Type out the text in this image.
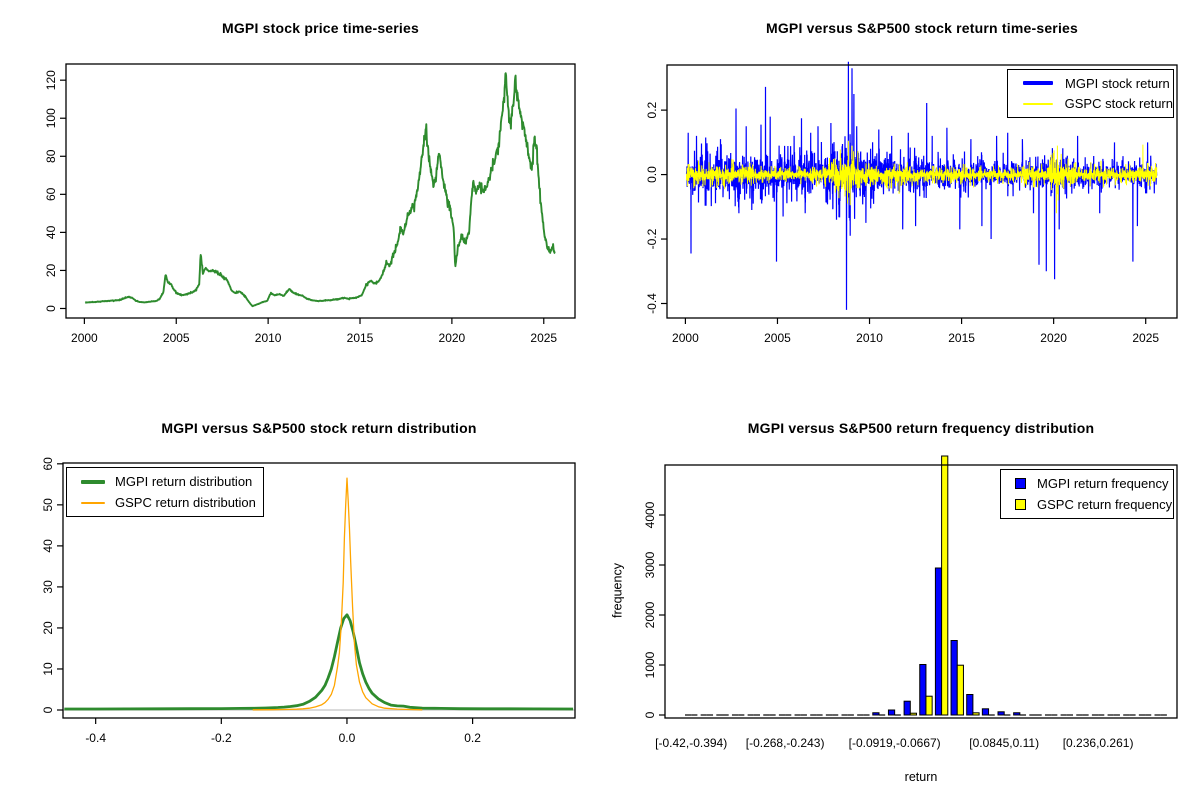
MGPI stock price time-series
2000	2005	2010	2015	2020	2025
0
20
40
60
80
100
120
MGPI versus S&P500 stock return time-series
2000	2005	2010	2015	2020	2025
-0.4
-0.2
0.0
0.2
MGPI stock return
GSPC stock return
MGPI versus S&P500 stock return distribution
-0.4	-0.2	0.0	0.2
0
10
20
30
40
50
60
MGPI return distribution
GSPC return distribution
MGPI versus S&P500 return frequency distribution
0
1000
2000
3000
4000
[-0.42,-0.394) [-0.268,-0.243) [-0.0919,-0.0667) [0.0845,0.11) [0.236,0.261)
frequency
return
MGPI return frequency
GSPC return frequency
